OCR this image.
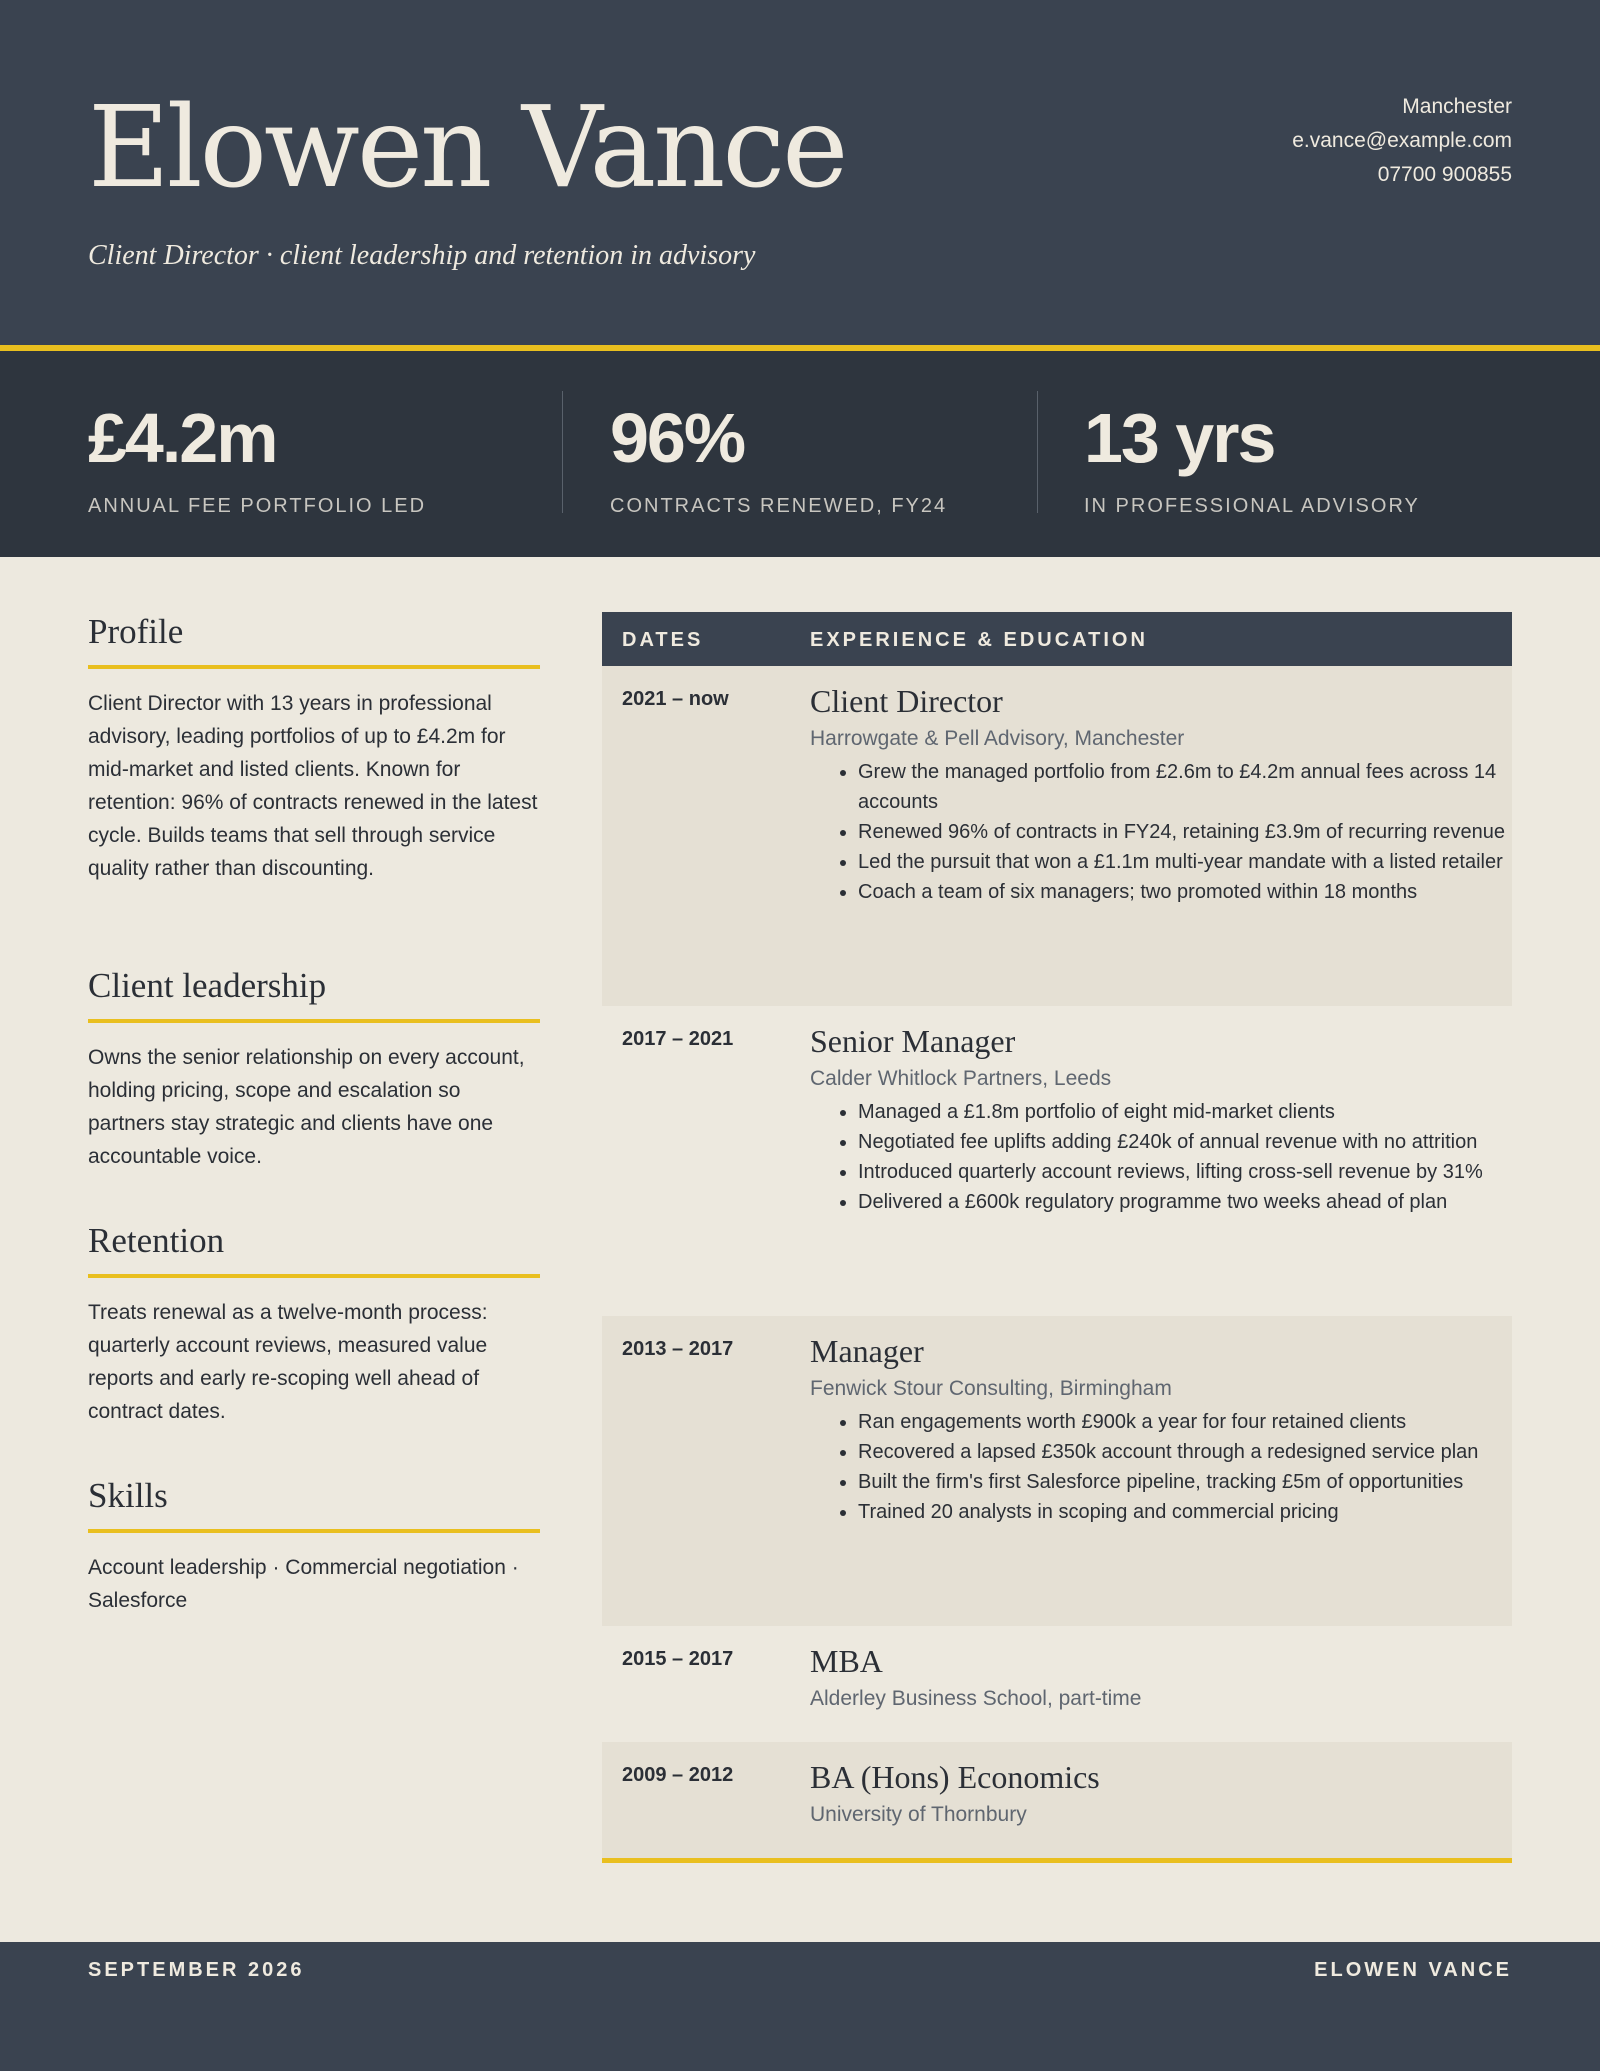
Elowen Vance
Client Director · client leadership and retention in advisory
Manchester
e.vance@example.com
07700 900855
£4.2m
ANNUAL FEE PORTFOLIO LED
96%
CONTRACTS RENEWED, FY24
13 yrs
IN PROFESSIONAL ADVISORY
Profile

Client Director with 13 years in professional advisory, leading portfolios of up to £4.2m for mid-market and listed clients. Known for retention: 96% of contracts renewed in the latest cycle. Builds teams that sell through service quality rather than discounting.

Client leadership

Owns the senior relationship on every account, holding pricing, scope and escalation so partners stay strategic and clients have one accountable voice.

Retention

Treats renewal as a twelve-month process: quarterly account reviews, measured value reports and early re-scoping well ahead of contract dates.

Skills

Account leadership · Commercial negotiation · Salesforce

DATES	EXPERIENCE & EDUCATION
2021 – now	Client Director
Harrowgate & Pell Advisory, Manchester
• Grew the managed portfolio from £2.6m to £4.2m annual fees across 14 accounts
• Renewed 96% of contracts in FY24, retaining £3.9m of recurring revenue
• Led the pursuit that won a £1.1m multi-year mandate with a listed retailer
• Coach a team of six managers; two promoted within 18 months
2017 – 2021 Senior Manager
Calder Whitlock Partners, Leeds
• Managed a £1.8m portfolio of eight mid-market clients
• Negotiated fee uplifts adding £240k of annual revenue with no attrition
• Introduced quarterly account reviews, lifting cross-sell revenue by 31%
• Delivered a £600k regulatory programme two weeks ahead of plan
2013 – 2017 Manager
Fenwick Stour Consulting, Birmingham
• Ran engagements worth £900k a year for four retained clients
• Recovered a lapsed £350k account through a redesigned service plan
• Built the firm's first Salesforce pipeline, tracking £5m of opportunities
• Trained 20 analysts in scoping and commercial pricing
2015 – 2017 MBA
Alderley Business School, part-time
2009 – 2012 BA (Hons) Economics
University of Thornbury
SEPTEMBER 2026	ELOWEN VANCE
